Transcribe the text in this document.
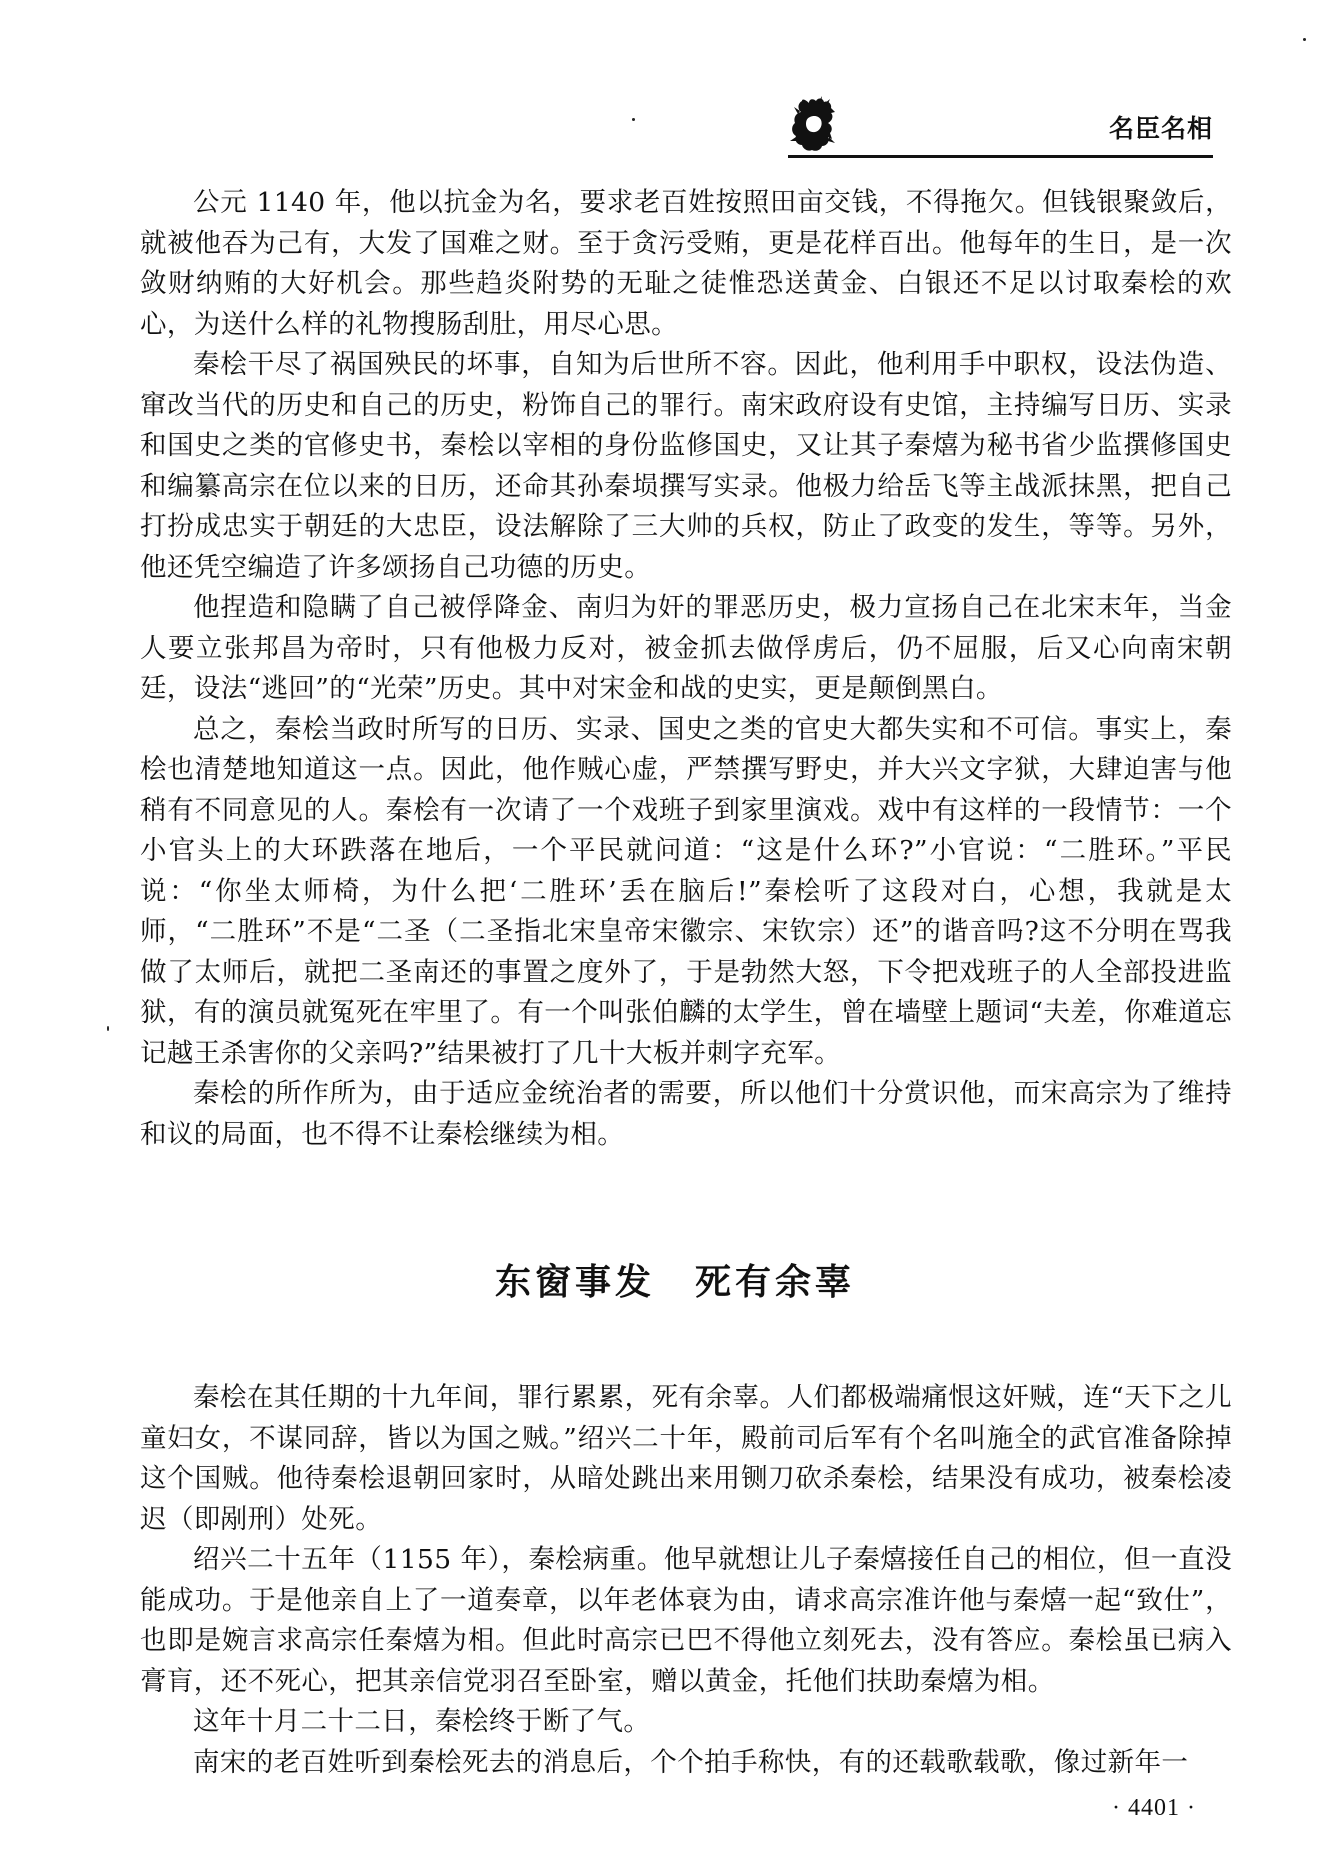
名臣名相

公元 1140 年，他以抗金为名，要求老百姓按照田亩交钱，不得拖欠。但钱银聚敛后，就被他吞为己有，大发了国难之财。至于贪污受贿，更是花样百出。他每年的生日，是一次敛财纳贿的大好机会。那些趋炎附势的无耻之徒惟恐送黄金、白银还不足以讨取秦桧的欢心，为送什么样的礼物搜肠刮肚，用尽心思。

秦桧干尽了祸国殃民的坏事，自知为后世所不容。因此，他利用手中职权，设法伪造、窜改当代的历史和自己的历史，粉饰自己的罪行。南宋政府设有史馆，主持编写日历、实录和国史之类的官修史书，秦桧以宰相的身份监修国史，又让其子秦熺为秘书省少监撰修国史和编纂高宗在位以来的日历，还命其孙秦埙撰写实录。他极力给岳飞等主战派抹黑，把自己打扮成忠实于朝廷的大忠臣，设法解除了三大帅的兵权，防止了政变的发生，等等。另外，他还凭空编造了许多颂扬自己功德的历史。

他捏造和隐瞒了自己被俘降金、南归为奸的罪恶历史，极力宣扬自己在北宋末年，当金人要立张邦昌为帝时，只有他极力反对，被金抓去做俘虏后，仍不屈服，后又心向南宋朝廷，设法“逃回”的“光荣”历史。其中对宋金和战的史实，更是颠倒黑白。

总之，秦桧当政时所写的日历、实录、国史之类的官史大都失实和不可信。事实上，秦桧也清楚地知道这一点。因此，他作贼心虚，严禁撰写野史，并大兴文字狱，大肆迫害与他稍有不同意见的人。秦桧有一次请了一个戏班子到家里演戏。戏中有这样的一段情节：一个小官头上的大环跌落在地后，一个平民就问道：“这是什么环?”小官说：“二胜环。”平民说：“你坐太师椅，为什么把‘二胜环’丢在脑后!”秦桧听了这段对白，心想，我就是太师，“二胜环”不是“二圣（二圣指北宋皇帝宋徽宗、宋钦宗）还”的谐音吗?这不分明在骂我做了太师后，就把二圣南还的事置之度外了，于是勃然大怒，下令把戏班子的人全部投进监狱，有的演员就冤死在牢里了。有一个叫张伯麟的太学生，曾在墙壁上题词“夫差，你难道忘记越王杀害你的父亲吗?”结果被打了几十大板并刺字充军。

秦桧的所作所为，由于适应金统治者的需要，所以他们十分赏识他，而宋高宗为了维持和议的局面，也不得不让秦桧继续为相。

东窗事发　死有余辜

秦桧在其任期的十九年间，罪行累累，死有余辜。人们都极端痛恨这奸贼，连“天下之儿童妇女，不谋同辞，皆以为国之贼。”绍兴二十年，殿前司后军有个名叫施全的武官准备除掉这个国贼。他待秦桧退朝回家时，从暗处跳出来用铡刀砍杀秦桧，结果没有成功，被秦桧凌迟（即剐刑）处死。

绍兴二十五年（1155 年），秦桧病重。他早就想让儿子秦熺接任自己的相位，但一直没能成功。于是他亲自上了一道奏章，以年老体衰为由，请求高宗准许他与秦熺一起“致仕”，也即是婉言求高宗任秦熺为相。但此时高宗已巴不得他立刻死去，没有答应。秦桧虽已病入膏肓，还不死心，把其亲信党羽召至卧室，赠以黄金，托他们扶助秦熺为相。

这年十月二十二日，秦桧终于断了气。

南宋的老百姓听到秦桧死去的消息后，个个拍手称快，有的还载歌载歌，像过新年一

· 4401 ·
